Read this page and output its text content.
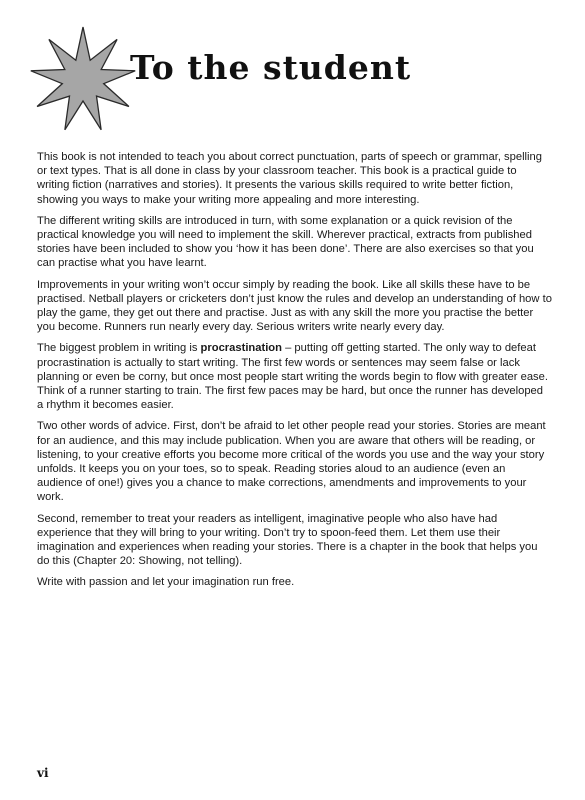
To the student

This book is not intended to teach you about correct punctuation, parts of speech or grammar, spelling or text types. That is all done in class by your classroom teacher. This book is a practical guide to writing fiction (narratives and stories). It presents the various skills required to write better fiction, showing you ways to make your writing more appealing and more interesting.

The different writing skills are introduced in turn, with some explanation or a quick revision of the practical knowledge you will need to implement the skill. Wherever practical, extracts from published stories have been included to show you ‘how it has been done’. There are also exercises so that you can practise what you have learnt.

Improvements in your writing won’t occur simply by reading the book. Like all skills these have to be practised. Netball players or cricketers don’t just know the rules and develop an understanding of how to play the game, they get out there and practise. Just as with any skill the more you practise the better you become. Runners run nearly every day. Serious writers write nearly every day.

The biggest problem in writing is procrastination – putting off getting started. The only way to defeat procrastination is actually to start writing. The first few words or sentences may seem false or lack planning or even be corny, but once most people start writing the words begin to flow with greater ease. Think of a runner starting to train. The first few paces may be hard, but once the runner has developed a rhythm it becomes easier.

Two other words of advice. First, don’t be afraid to let other people read your stories. Stories are meant for an audience, and this may include publication. When you are aware that others will be reading, or listening, to your creative efforts you become more critical of the words you use and the way your story unfolds. It keeps you on your toes, so to speak. Reading stories aloud to an audience (even an audience of one!) gives you a chance to make corrections, amendments and improvements to your work.

Second, remember to treat your readers as intelligent, imaginative people who also have had experience that they will bring to your writing. Don’t try to spoon-feed them. Let them use their imagination and experiences when reading your stories. There is a chapter in the book that helps you do this (Chapter 20: Showing, not telling).

Write with passion and let your imagination run free.

vi
